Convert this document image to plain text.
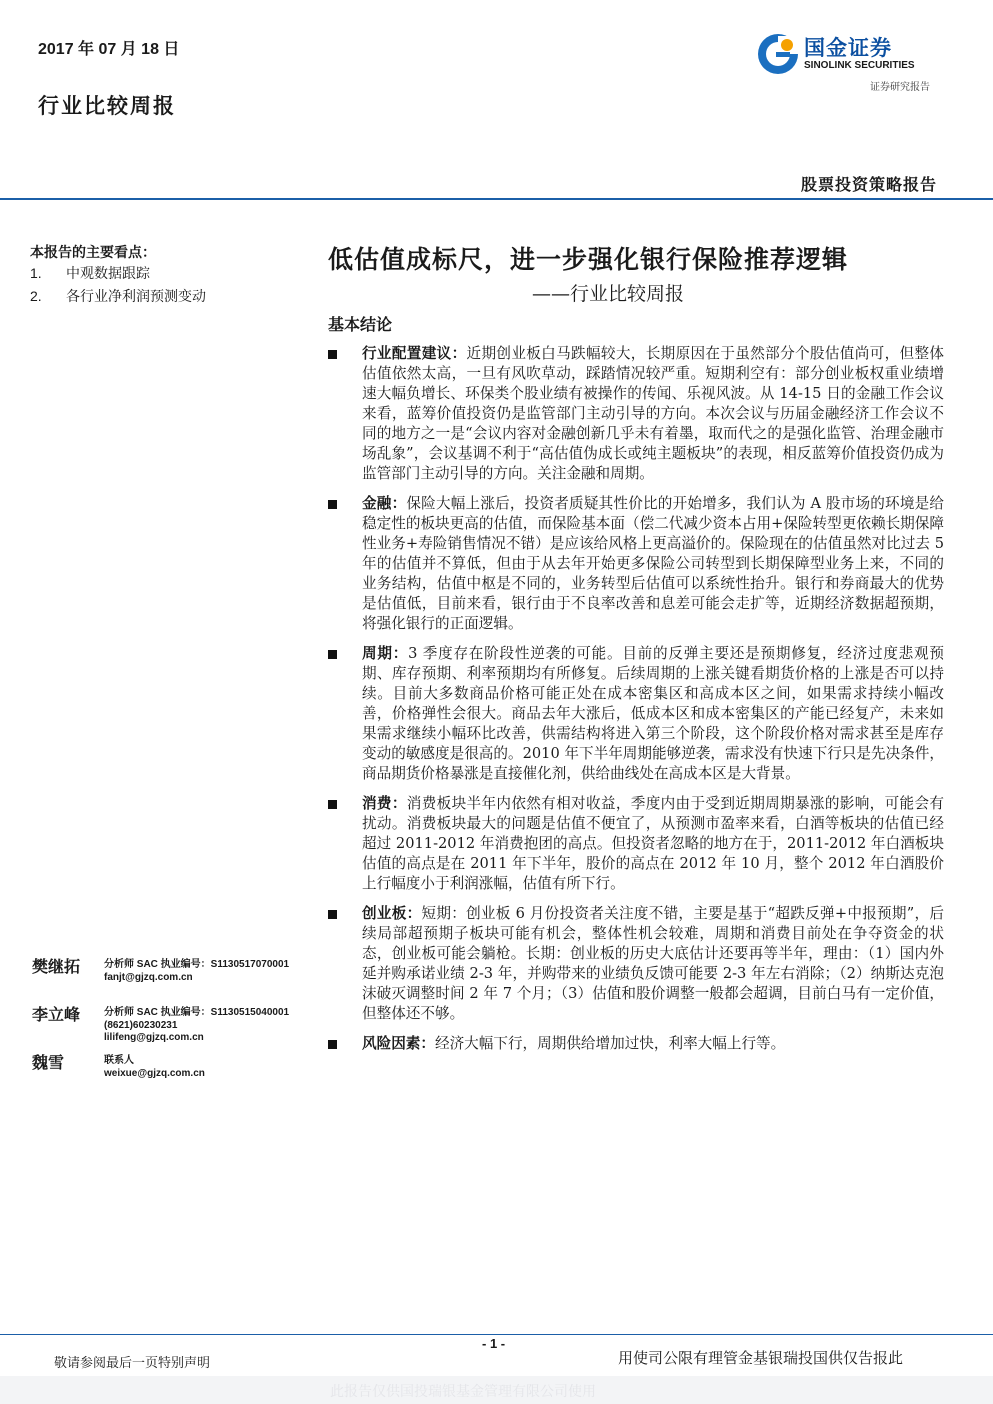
2017 年 07 月 18 日
行业比较周报
国金证券
SINOLINK SECURITIES
证券研究报告
股票投资策略报告
本报告的主要看点：
1. 中观数据跟踪
2. 各行业净利润预测变动
低估值成标尺，进一步强化银行保险推荐逻辑
——行业比较周报
基本结论
行业配置建议：近期创业板白马跌幅较大，长期原因在于虽然部分个股估值尚可，但整体估值依然太高，一旦有风吹草动，踩踏情况较严重。短期利空有：部分创业板权重业绩增速大幅负增长、环保类个股业绩有被操作的传闻、乐视风波。从 14-15 日的金融工作会议来看，蓝筹价值投资仍是监管部门主动引导的方向。本次会议与历届金融经济工作会议不同的地方之一是“会议内容对金融创新几乎未有着墨，取而代之的是强化监管、治理金融市场乱象”，会议基调不利于“高估值伪成长或纯主题板块”的表现，相反蓝筹价值投资仍成为监管部门主动引导的方向。关注金融和周期。
金融：保险大幅上涨后，投资者质疑其性价比的开始增多，我们认为 A 股市场的环境是给稳定性的板块更高的估值，而保险基本面（偿二代减少资本占用+保险转型更依赖长期保障性业务+寿险销售情况不错）是应该给风格上更高溢价的。保险现在的估值虽然对比过去 5 年的估值并不算低，但由于从去年开始更多保险公司转型到长期保障型业务上来，不同的业务结构，估值中枢是不同的，业务转型后估值可以系统性抬升。银行和券商最大的优势是估值低，目前来看，银行由于不良率改善和息差可能会走扩等，近期经济数据超预期，将强化银行的正面逻辑。
周期：3 季度存在阶段性逆袭的可能。目前的反弹主要还是预期修复，经济过度悲观预期、库存预期、利率预期均有所修复。后续周期的上涨关键看期货价格的上涨是否可以持续。目前大多数商品价格可能正处在成本密集区和高成本区之间，如果需求持续小幅改善，价格弹性会很大。商品去年大涨后，低成本区和成本密集区的产能已经复产，未来如果需求继续小幅环比改善，供需结构将进入第三个阶段，这个阶段价格对需求甚至是库存变动的敏感度是很高的。2010 年下半年周期能够逆袭，需求没有快速下行只是先决条件，商品期货价格暴涨是直接催化剂，供给曲线处在高成本区是大背景。
消费：消费板块半年内依然有相对收益，季度内由于受到近期周期暴涨的影响，可能会有扰动。消费板块最大的问题是估值不便宜了，从预测市盈率来看，白酒等板块的估值已经超过 2011-2012 年消费抱团的高点。但投资者忽略的地方在于，2011-2012 年白酒板块估值的高点是在 2011 年下半年，股价的高点在 2012 年 10 月，整个 2012 年白酒股价上行幅度小于利润涨幅，估值有所下行。
创业板：短期：创业板 6 月份投资者关注度不错，主要是基于“超跌反弹+中报预期”，后续局部超预期子板块可能有机会，整体性机会较难，周期和消费目前处在争夺资金的状态，创业板可能会躺枪。长期：创业板的历史大底估计还要再等半年，理由：（1）国内外延并购承诺业绩 2-3 年，并购带来的业绩负反馈可能要 2-3 年左右消除；（2）纳斯达克泡沫破灭调整时间 2 年 7 个月；（3）估值和股价调整一般都会超调，目前白马有一定价值，但整体还不够。
风险因素：经济大幅下行，周期供给增加过快，利率大幅上行等。
樊继拓 分析师 SAC 执业编号：S1130517070001
fanjt@gjzq.com.cn
李立峰 分析师 SAC 执业编号：S1130515040001
(8621)60230231
lilifeng@gjzq.com.cn
魏雪	联系人
weixue@gjzq.com.cn
- 1 -
敬请参阅最后一页特别声明	用使司公限有理管金基银瑞投国供仅告报此
此报告仅供国投瑞银基金管理有限公司使用
